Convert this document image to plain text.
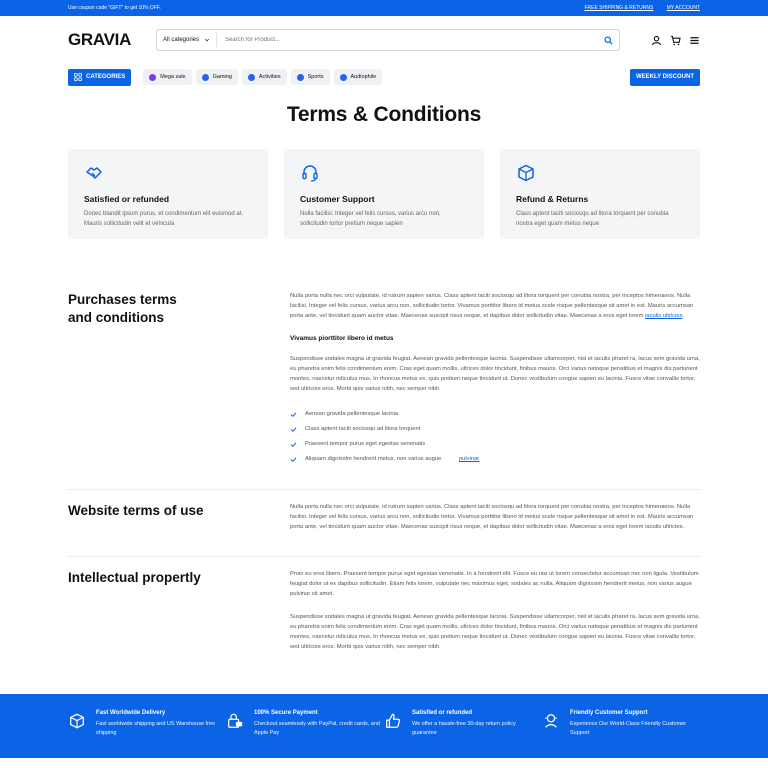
Use coupon code "GIFT" to get 10% OFF.	FREE SHIPPING & RETURNS	MY ACCOUNT
GRAVIA	All categories
Search for Product...
CATEGORIES	Mega sale	Gaming	Activities	Sports	Audiophile	WEEKLY DISCOUNT
Terms & Conditions
Satisfied or refunded

Donec blandit ipsum purus, et condimentum elit euismod at. Mauris sollicitudin velit et vehicula

Customer Support

Nulla facilisi. Integer vel felis cursus, varius arcu non, sollicitudin tortor pretium neque sapien

Refund & Returns

Class aptent taciti sociosqu ad litora torquent per conubia nostra eget quam metus neque

Purchases terms
and conditions

Nulla porta nulla nec orci vulputate, id rutrum sapien varius. Class aptent taciti sociosqu ad litora torquent per conubia nostra, per inceptos himenaeos. Nulla facilisi. Integer vel felis cursus, varius arcu non, sollicitudin tortor. Vivamus porttitor libero id metus scele risque pellentesque sit amet in est. Mauris accumsan porta ante, vel tincidunt quam auctor vitae. Maecenas suscipit risus neque, et dapibus dolor sollicitudin vitae. Maecenas a eros eget lorem iaculis ultricies.

Vivamus piorttitor libero id metus

Suspendisse sodales magna ut gravida feugiat. Aenean gravida pellentesque lacinia. Suspendisse ullamcorper, nisl et iaculis pharet ra, lacus sem gravida urna, eu pharetra enim felis condimentum enim. Cras eget quam mollis, ultrices dolor tincidunt, finibus mauris. Orci varius natoque penatibus et magnis dis parturient montes, nascetur ridiculus mus. In rhoncus metus ex, quis pretium neque tincidunt ut. Donec vestibulum congue sapien eu lacinia. Fusce vitae convallis tortor, sed ultricies eros. Morbi quis varius nibh, nec semper nibh.

Aenean gravida pellentesque lacinia
Class aptent taciti sociosqu ad litora torquent
Praesent tempor purus eget egestas venenatis
Aliquam dignissim hendrerit metus, non varius augue
	pulvinar
Website terms of use	Nulla porta nulla nec orci vulputate, id rutrum sapien varius. Class aptent taciti sociosqu ad litora torquent per conubia nostra, per inceptos himenaeos. Nulla facilisi. Integer vel felis cursus, varius arcu non, sollicitudin tortor. Vivamus porttitor libero id metus scele risque pellentesque sit amet in est. Mauris accumsan porta ante, vel tincidunt quam auctor vitae. Maecenas suscipit risus neque, et dapibus dolor sollicitudin vitae. Maecenas a eros eget lorem iaculis ultricies.

Intellectual propertly	Proin eu eros libero. Praesent tempor purus eget egestas venenatis. In a hendrerit elit. Fusce eu nisi ut lorem consectetur accumsan nec non ligula. Vestibulum feugiat dolor ut ex dapibus sollicitudin. Etiam felis lorem, vulputate nec maximus eget, sodales ac nulla. Aliquam dignissim hendrerit metus, non varius augue pulvinar sit amet.

Suspendisse sodales magna ut gravida feugiat. Aenean gravida pellentesque lacinia. Suspendisse ullamcorper, nisl et iaculis pharet ra, lacus sem gravida urna, eu pharetra enim felis condimentum enim. Cras eget quam mollis, ultrices dolor tincidunt, finibus mauris. Orci varius natoque penatibus et magnis dis parturient montes, nascetur ridiculus mus. In rhoncus metus ex, quis pretium neque tincidunt ut. Donec vestibulum congue sapien eu lacinia. Fusce vitae convallis tortor, sed ultricies eros. Morbi quis varius nibh, nec semper nibh.

Fast Worldwide Delivery

Fast worldwide shipping and US Warehouse free shipping

100% Secure Payment

Checkout seamlessly with PayPal, credit cards, and Apple Pay

Satisfied or refunded

We offer a hassle-free 30-day return policy guarantee

Friendly Customer Support

Experience Our World-Class Friendly Customer Support
